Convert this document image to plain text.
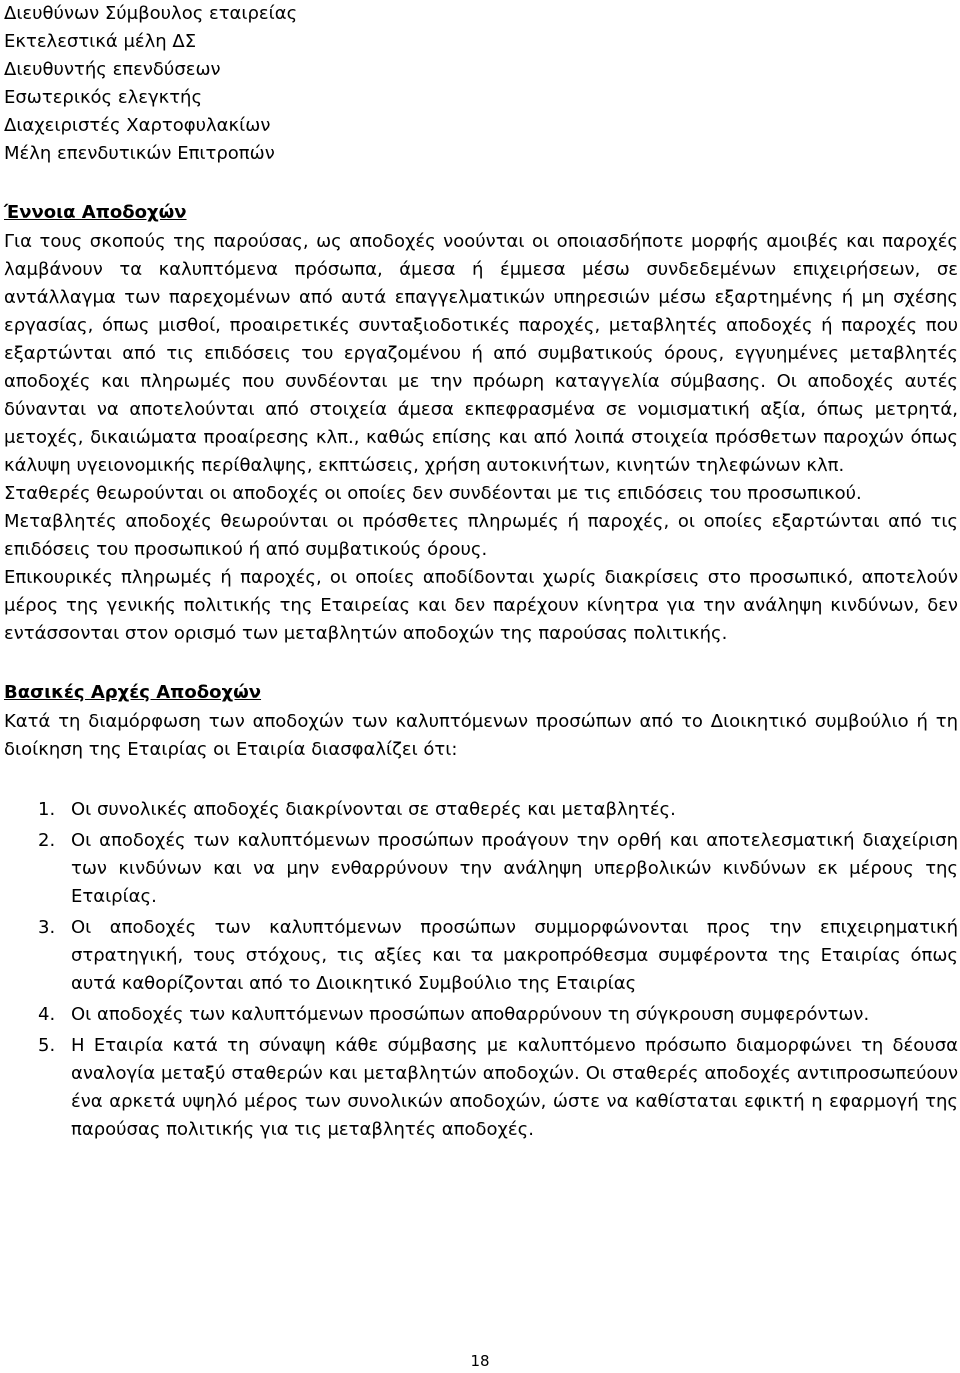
Διευθύνων Σύμβουλος εταιρείας
Εκτελεστικά μέλη ΔΣ
Διευθυντής επενδύσεων
Εσωτερικός ελεγκτής
Διαχειριστές Χαρτοφυλακίων
Μέλη επενδυτικών Επιτροπών
Έννοια Αποδοχών

Για τους σκοπούς της παρούσας, ως αποδοχές νοούνται οι οποιασδήποτε μορφής αμοιβές και παροχές λαμβάνουν τα καλυπτόμενα πρόσωπα, άμεσα ή έμμεσα μέσω συνδεδεμένων επιχειρήσεων, σε αντάλλαγμα των παρεχομένων από αυτά επαγγελματικών υπηρεσιών μέσω εξαρτημένης ή μη σχέσης εργασίας, όπως μισθοί, προαιρετικές συνταξιοδοτικές παροχές, μεταβλητές αποδοχές ή παροχές που εξαρτώνται από τις επιδόσεις του εργαζομένου ή από συμβατικούς όρους, εγγυημένες μεταβλητές αποδοχές και πληρωμές που συνδέονται με την πρόωρη καταγγελία σύμβασης. Οι αποδοχές αυτές δύνανται να αποτελούνται από στοιχεία άμεσα εκπεφρασμένα σε νομισματική αξία, όπως μετρητά, μετοχές, δικαιώματα προαίρεσης κλπ., καθώς επίσης και από λοιπά στοιχεία πρόσθετων παροχών όπως κάλυψη υγειονομικής περίθαλψης, εκπτώσεις, χρήση αυτοκινήτων, κινητών τηλεφώνων κλπ.

Σταθερές θεωρούνται οι αποδοχές οι οποίες δεν συνδέονται με τις επιδόσεις του προσωπικού.

Μεταβλητές αποδοχές θεωρούνται οι πρόσθετες πληρωμές ή παροχές, οι οποίες εξαρτώνται από τις επιδόσεις του προσωπικού ή από συμβατικούς όρους.

Επικουρικές πληρωμές ή παροχές, οι οποίες αποδίδονται χωρίς διακρίσεις στο προσωπικό, αποτελούν μέρος της γενικής πολιτικής της Εταιρείας και δεν παρέχουν κίνητρα για την ανάληψη κινδύνων, δεν εντάσσονται στον ορισμό των μεταβλητών αποδοχών της παρούσας πολιτικής.

Βασικές Αρχές Αποδοχών

Κατά τη διαμόρφωση των αποδοχών των καλυπτόμενων προσώπων από το Διοικητικό συμβούλιο ή τη διοίκηση της Εταιρίας οι Εταιρία διασφαλίζει ότι:

1. Οι συνολικές αποδοχές διακρίνονται σε σταθερές και μεταβλητές.
2. Οι αποδοχές των καλυπτόμενων προσώπων προάγουν την ορθή και αποτελεσματική διαχείριση των κινδύνων και να μην ενθαρρύνουν την ανάληψη υπερβολικών κινδύνων εκ μέρους της Εταιρίας.
3. Οι αποδοχές των καλυπτόμενων προσώπων συμμορφώνονται προς την επιχειρηματική στρατηγική, τους στόχους, τις αξίες και τα μακροπρόθεσμα συμφέροντα της Εταιρίας όπως αυτά καθορίζονται από το Διοικητικό Συμβούλιο της Εταιρίας
4. Οι αποδοχές των καλυπτόμενων προσώπων αποθαρρύνουν τη σύγκρουση συμφερόντων.
5. Η Εταιρία κατά τη σύναψη κάθε σύμβασης με καλυπτόμενο πρόσωπο διαμορφώνει τη δέουσα αναλογία μεταξύ σταθερών και μεταβλητών αποδοχών. Οι σταθερές αποδοχές αντιπροσωπεύουν ένα αρκετά υψηλό μέρος των συνολικών αποδοχών, ώστε να καθίσταται εφικτή η εφαρμογή της παρούσας πολιτικής για τις μεταβλητές αποδοχές.
18
